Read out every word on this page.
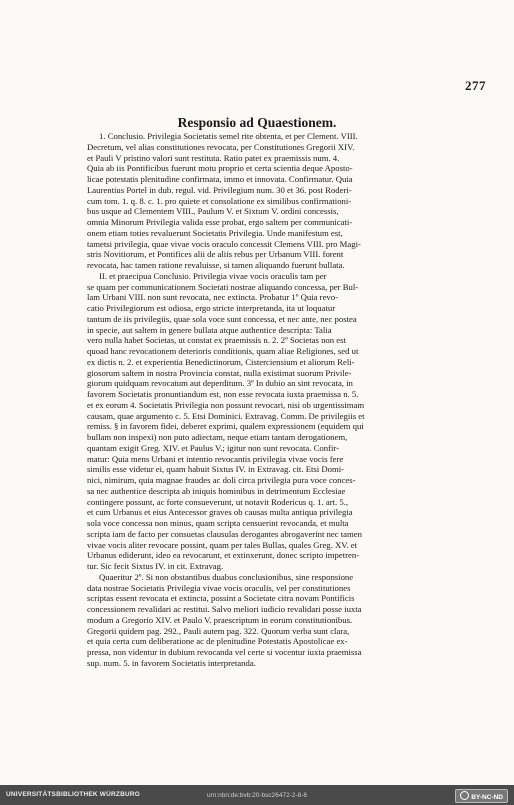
277
Responsio ad Quaestionem.
1. Conclusio. Privilegia Societatis semel rite obtenta, et per Clement. VIII.
Decretum, vel alias constitutiones revocata, per Constitutiones Gregorii XIV.
et Pauli V pristino valori sunt restituta. Ratio patet ex praemissis num. 4.
Quia ab iis Pontificibus fuerunt motu proprio et certa scientia deque Aposto-
licae potestatis plenitudine confirmata, immo et innovata. Confirmatur. Quia
Laurentius Portel in dub. regul. vid. Privilegium num. 30 et 36. post Roderi-
cum tom. 1. q. 8. c. 1. pro quiete et consolatione ex similibus confirmationi-
bus usque ad Clementem VIII., Paulum V. et Sixtum V. ordini concessis,
omnia Minorum Privilegia valida esse probat, ergo saltem per communicati-
onem etiam toties revaluerunt Societatis Privilegia. Unde manifestum est,
tametsi privilegia, quae vivae vocis oraculo concessit Clemens VIII. pro Magi-
stris Novitiorum, et Pontifices alii de aliis rebus per Urbanum VIII. forent
revocata, hac tamen ratione revaluisse, si tamen aliquando fuerunt bullata.
II. et praecipua Conclusio. Privilegia vivae vocis oraculis tam per
se quam per communicationem Societati nostrae aliquando concessa, per Bul-
lam Urbani VIII. non sunt revocata, nec extincta. Probatur 1º Quia revo-
catio Privilegiorum est odiosa, ergo stricte interpretanda, ita ut loquatur
tantum de iis privilegiis, quae sola voce sunt concessa, et nec ante, nec postea
in specie, aut saltem in genere bullata atque authentice descripta: Talia
vero nulla habet Societas, ut constat ex praemissis n. 2. 2º Societas non est
quoad hanc revocationem deterioris conditionis, quam aliae Religiones, sed ut
ex dictis n. 2. et experientia Benedictinorum, Cisterciensium et aliorum Reli-
giosorum saltem in nostra Provincia constat, nulla existimat suorum Privile-
giorum quidquam revocatum aut deperditum. 3º In dubio an sint revocata, in
favorem Societatis pronuntiandum est, non esse revocata iuxta praemissa n. 5.
et ex eorum 4. Societatis Privilegia non possunt revocari, nisi ob urgentissimam
causam, quae argumento c. 5. Etsi Dominici. Extravag. Comm. De privilegiis et
remiss. § in favorem fidei, deberet exprimi, qualem expressionem (equidem qui
bullam non inspexi) non puto adiectam, neque etiam tantam derogationem,
quantam exigit Greg. XIV. et Paulus V.; igitur non sunt revocata. Confir-
matur: Quia mens Urbani et intentio revocantis privilegia vivae vocis fere
similis esse videtur ei, quam habuit Sixtus IV. in Extravag. cit. Etsi Domi-
nici, nimirum, quia magnae fraudes ac doli circa privilegia pura voce conces-
sa nec authentice descripta ab iniquis hominibus in detrimentum Ecclesiae
contingere possunt, ac forte consueverunt, ut notavit Rodericus q. 1. art. 5.,
et cum Urbanus et eius Antecessor graves ob causas multa antiqua privilegia
sola voce concessa non minus, quam scripta censuerint revocanda, et multa
scripta iam de facto per consuetas clausulas derogantes abrogaverint nec tamen
vivae vocis aliter revocare possint, quam per tales Bullas, quales Greg. XV. et
Urbanus ediderunt, ideo ea revocarunt, et extinxerunt, donec scripto impetren-
tur. Sic fecit Sixtus IV. in cit. Extravag.
Quaeritur 2º. Si non obstantibus duabus conclusionibus, sine responsione
data nostrae Societatis Privilegia vivae vocis oraculis, vel per constitutiones
scriptas essent revocata et extincta, possint a Societate citra novam Pontificis
concessionem revalidari ac restitui. Salvo meliori iudicio revalidari posse iuxta
modum a Gregorio XIV. et Paulo V. praescriptum in eorum constitutionibus.
Gregorii quidem pag. 292., Pauli autem pag. 322. Quorum verba sunt clara,
et quia certa cum deliberatione ac de plenitudine Potestatis Apostolicae ex-
pressa, non videntur in dubium revocanda vel certe si vocentur iuxta praemissa
sup. num. 5. in favorem Societatis interpretanda.
UNIVERSITÄTSBIBLIOTHEK WÜRZBURG	urn:nbn:de:bvb:20-bsc26472-2-8-6	BY-NC-ND
